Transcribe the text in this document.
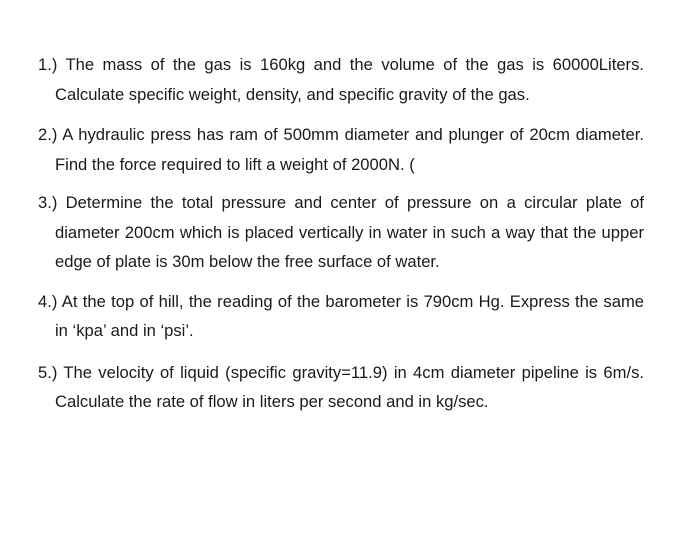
1.) The mass of the gas is 160kg and the volume of the gas is 60000Liters. Calculate specific weight, density, and specific gravity of the gas.
2.) A hydraulic press has ram of 500mm diameter and plunger of 20cm diameter. Find the force required to lift a weight of 2000N. (
3.) Determine the total pressure and center of pressure on a circular plate of diameter 200cm which is placed vertically in water in such a way that the upper edge of plate is 30m below the free surface of water.
4.) At the top of hill, the reading of the barometer is 790cm Hg. Express the same in ‘kpa’ and in ‘psi’.
5.) The velocity of liquid (specific gravity=11.9) in 4cm diameter pipeline is 6m/s. Calculate the rate of flow in liters per second and in kg/sec.
